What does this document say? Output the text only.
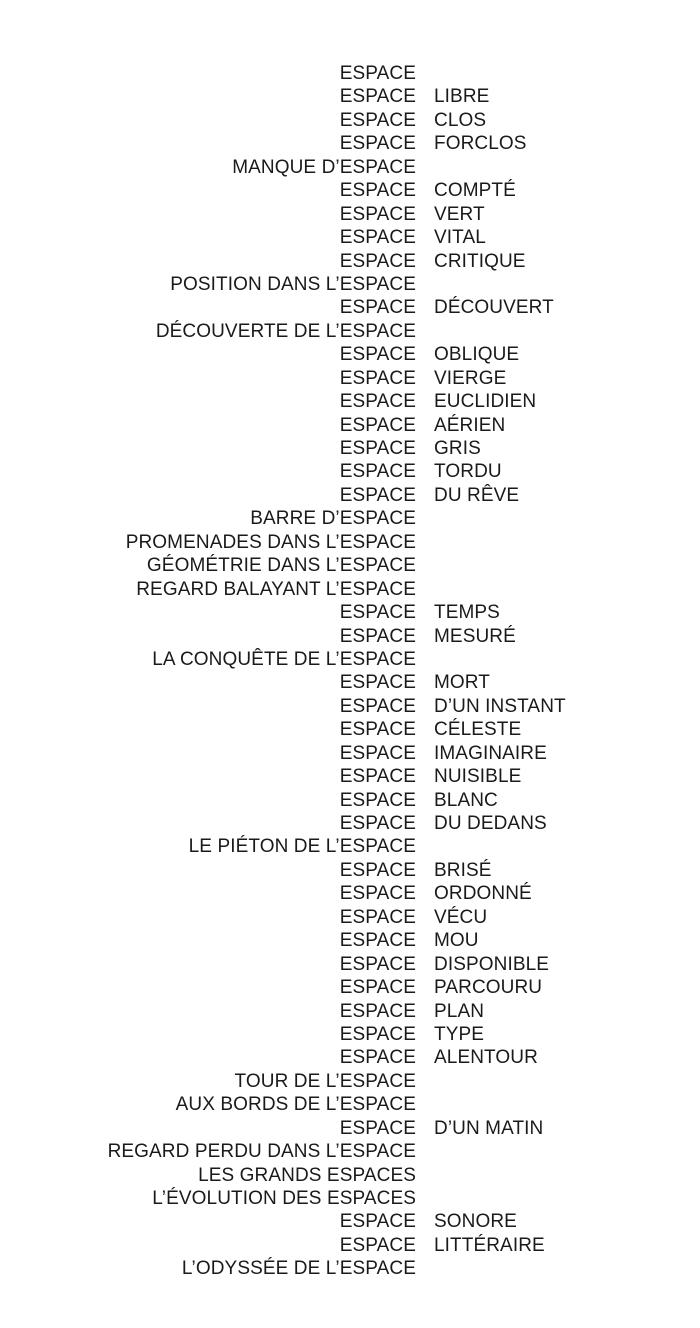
ESPACE
ESPACE LIBRE
ESPACE CLOS
ESPACE FORCLOS
MANQUE D’ESPACE
ESPACE COMPTÉ
ESPACE VERT
ESPACE VITAL
ESPACE CRITIQUE
POSITION DANS L’ESPACE
ESPACE DÉCOUVERT
DÉCOUVERTE DE L’ESPACE
ESPACE OBLIQUE
ESPACE VIERGE
ESPACE EUCLIDIEN
ESPACE AÉRIEN
ESPACE GRIS
ESPACE TORDU
ESPACE DU RÊVE
BARRE D’ESPACE
PROMENADES DANS L’ESPACE
GÉOMÉTRIE DANS L’ESPACE
REGARD BALAYANT L’ESPACE
ESPACE TEMPS
ESPACE MESURÉ
LA CONQUÊTE DE L’ESPACE
ESPACE MORT
ESPACE D’UN INSTANT
ESPACE CÉLESTE
ESPACE IMAGINAIRE
ESPACE NUISIBLE
ESPACE BLANC
ESPACE DU DEDANS
LE PIÉTON DE L’ESPACE
ESPACE BRISÉ
ESPACE ORDONNÉ
ESPACE VÉCU
ESPACE MOU
ESPACE DISPONIBLE
ESPACE PARCOURU
ESPACE PLAN
ESPACE TYPE
ESPACE ALENTOUR
TOUR DE L’ESPACE
AUX BORDS DE L’ESPACE
ESPACE D’UN MATIN
REGARD PERDU DANS L’ESPACE
LES GRANDS ESPACES
L’ÉVOLUTION DES ESPACES
ESPACE SONORE
ESPACE LITTÉRAIRE
L’ODYSSÉE DE L’ESPACE
